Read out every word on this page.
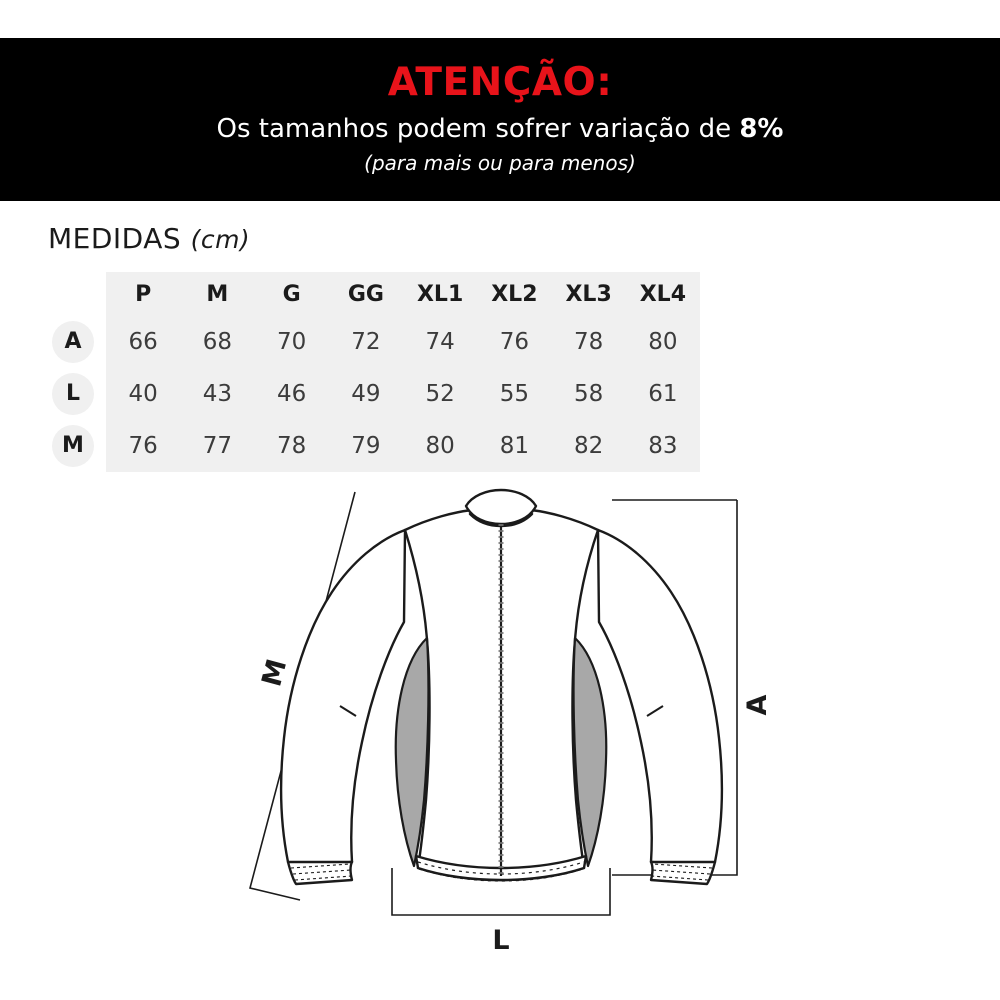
ATENÇÃO:
Os tamanhos podem sofrer variação de 8%
(para mais ou para menos)
MEDIDAS (cm)
	P	M	G	GG	XL1	XL2	XL3	XL4
A	66	68	70	72	74	76	78	80
L	40	43	46	49	52	55	58	61
M	76	77	78	79	80	81	82	83
M
A
L
